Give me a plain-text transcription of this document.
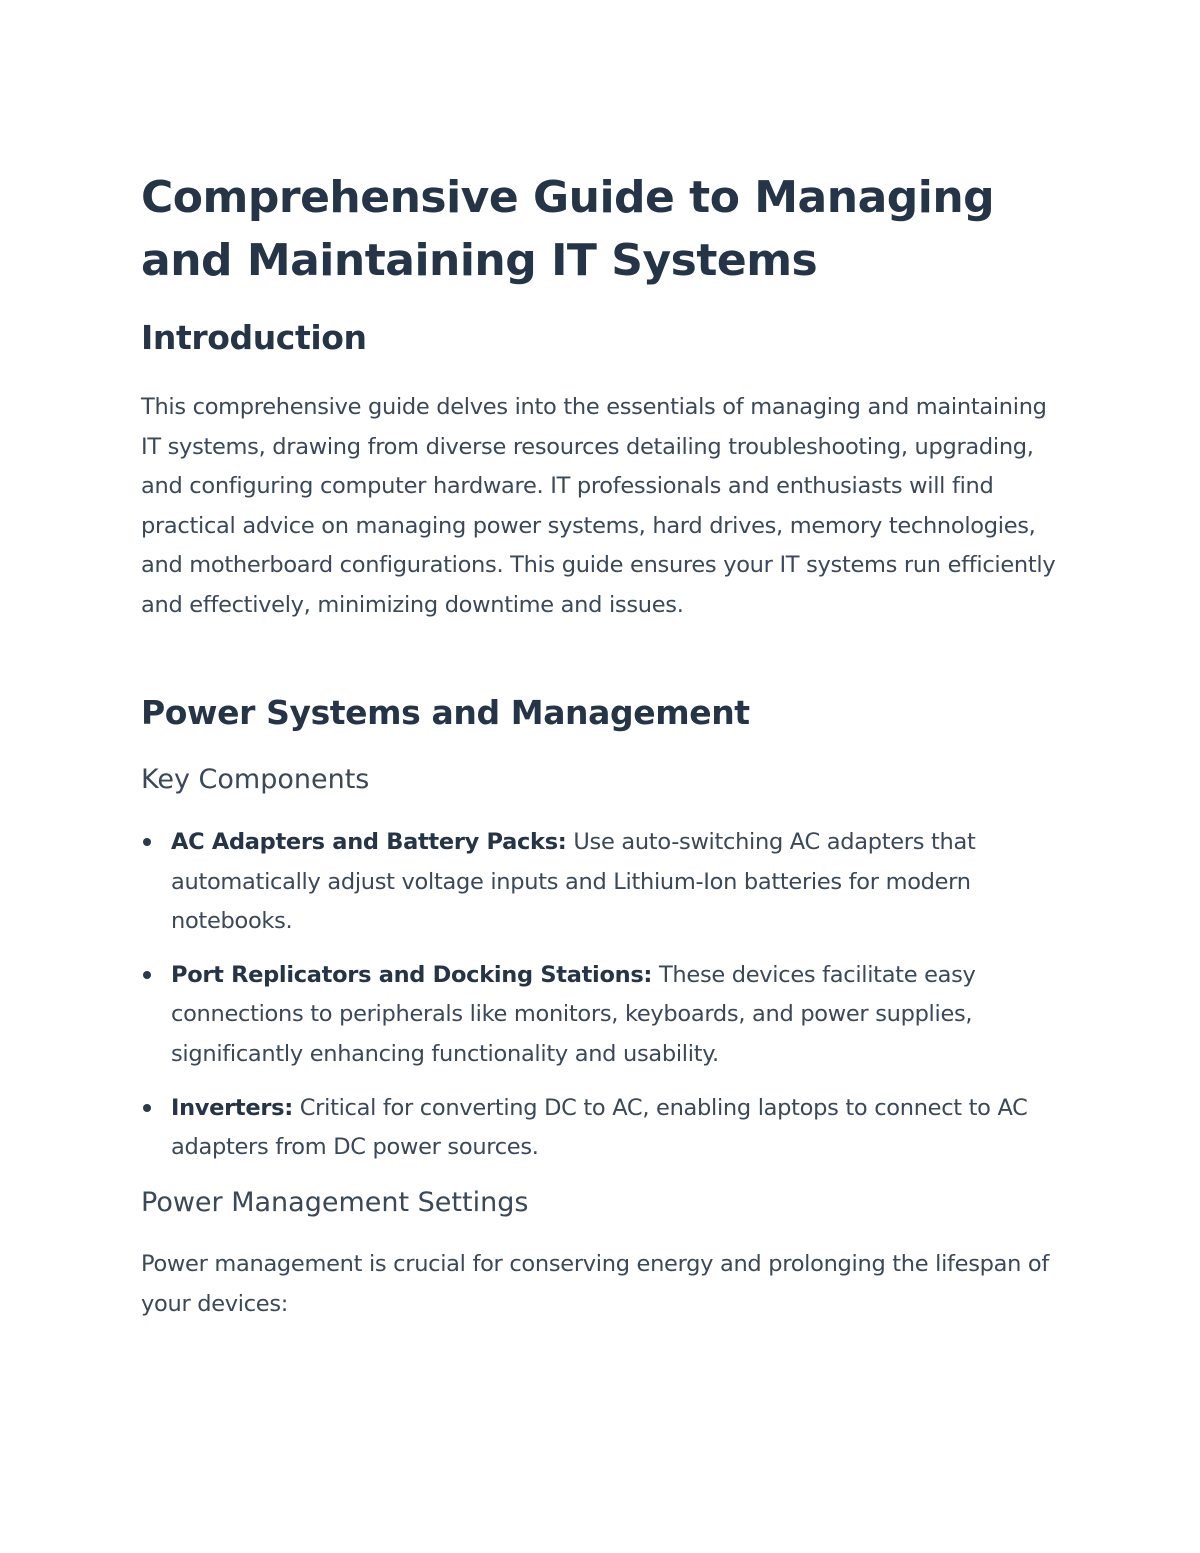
Comprehensive Guide to Managing and Maintaining IT Systems
Introduction

This comprehensive guide delves into the essentials of managing and maintaining IT systems, drawing from diverse resources detailing troubleshooting, upgrading, and configuring computer hardware. IT professionals and enthusiasts will find practical advice on managing power systems, hard drives, memory technologies, and motherboard configurations. This guide ensures your IT systems run efficiently and effectively, minimizing downtime and issues.

Power Systems and Management
Key Components
AC Adapters and Battery Packs: Use auto-switching AC adapters that automatically adjust voltage inputs and Lithium-Ion batteries for modern notebooks.
Port Replicators and Docking Stations: These devices facilitate easy connections to peripherals like monitors, keyboards, and power supplies, significantly enhancing functionality and usability.
Inverters: Critical for converting DC to AC, enabling laptops to connect to AC adapters from DC power sources.
Power Management Settings

Power management is crucial for conserving energy and prolonging the lifespan of your devices:
